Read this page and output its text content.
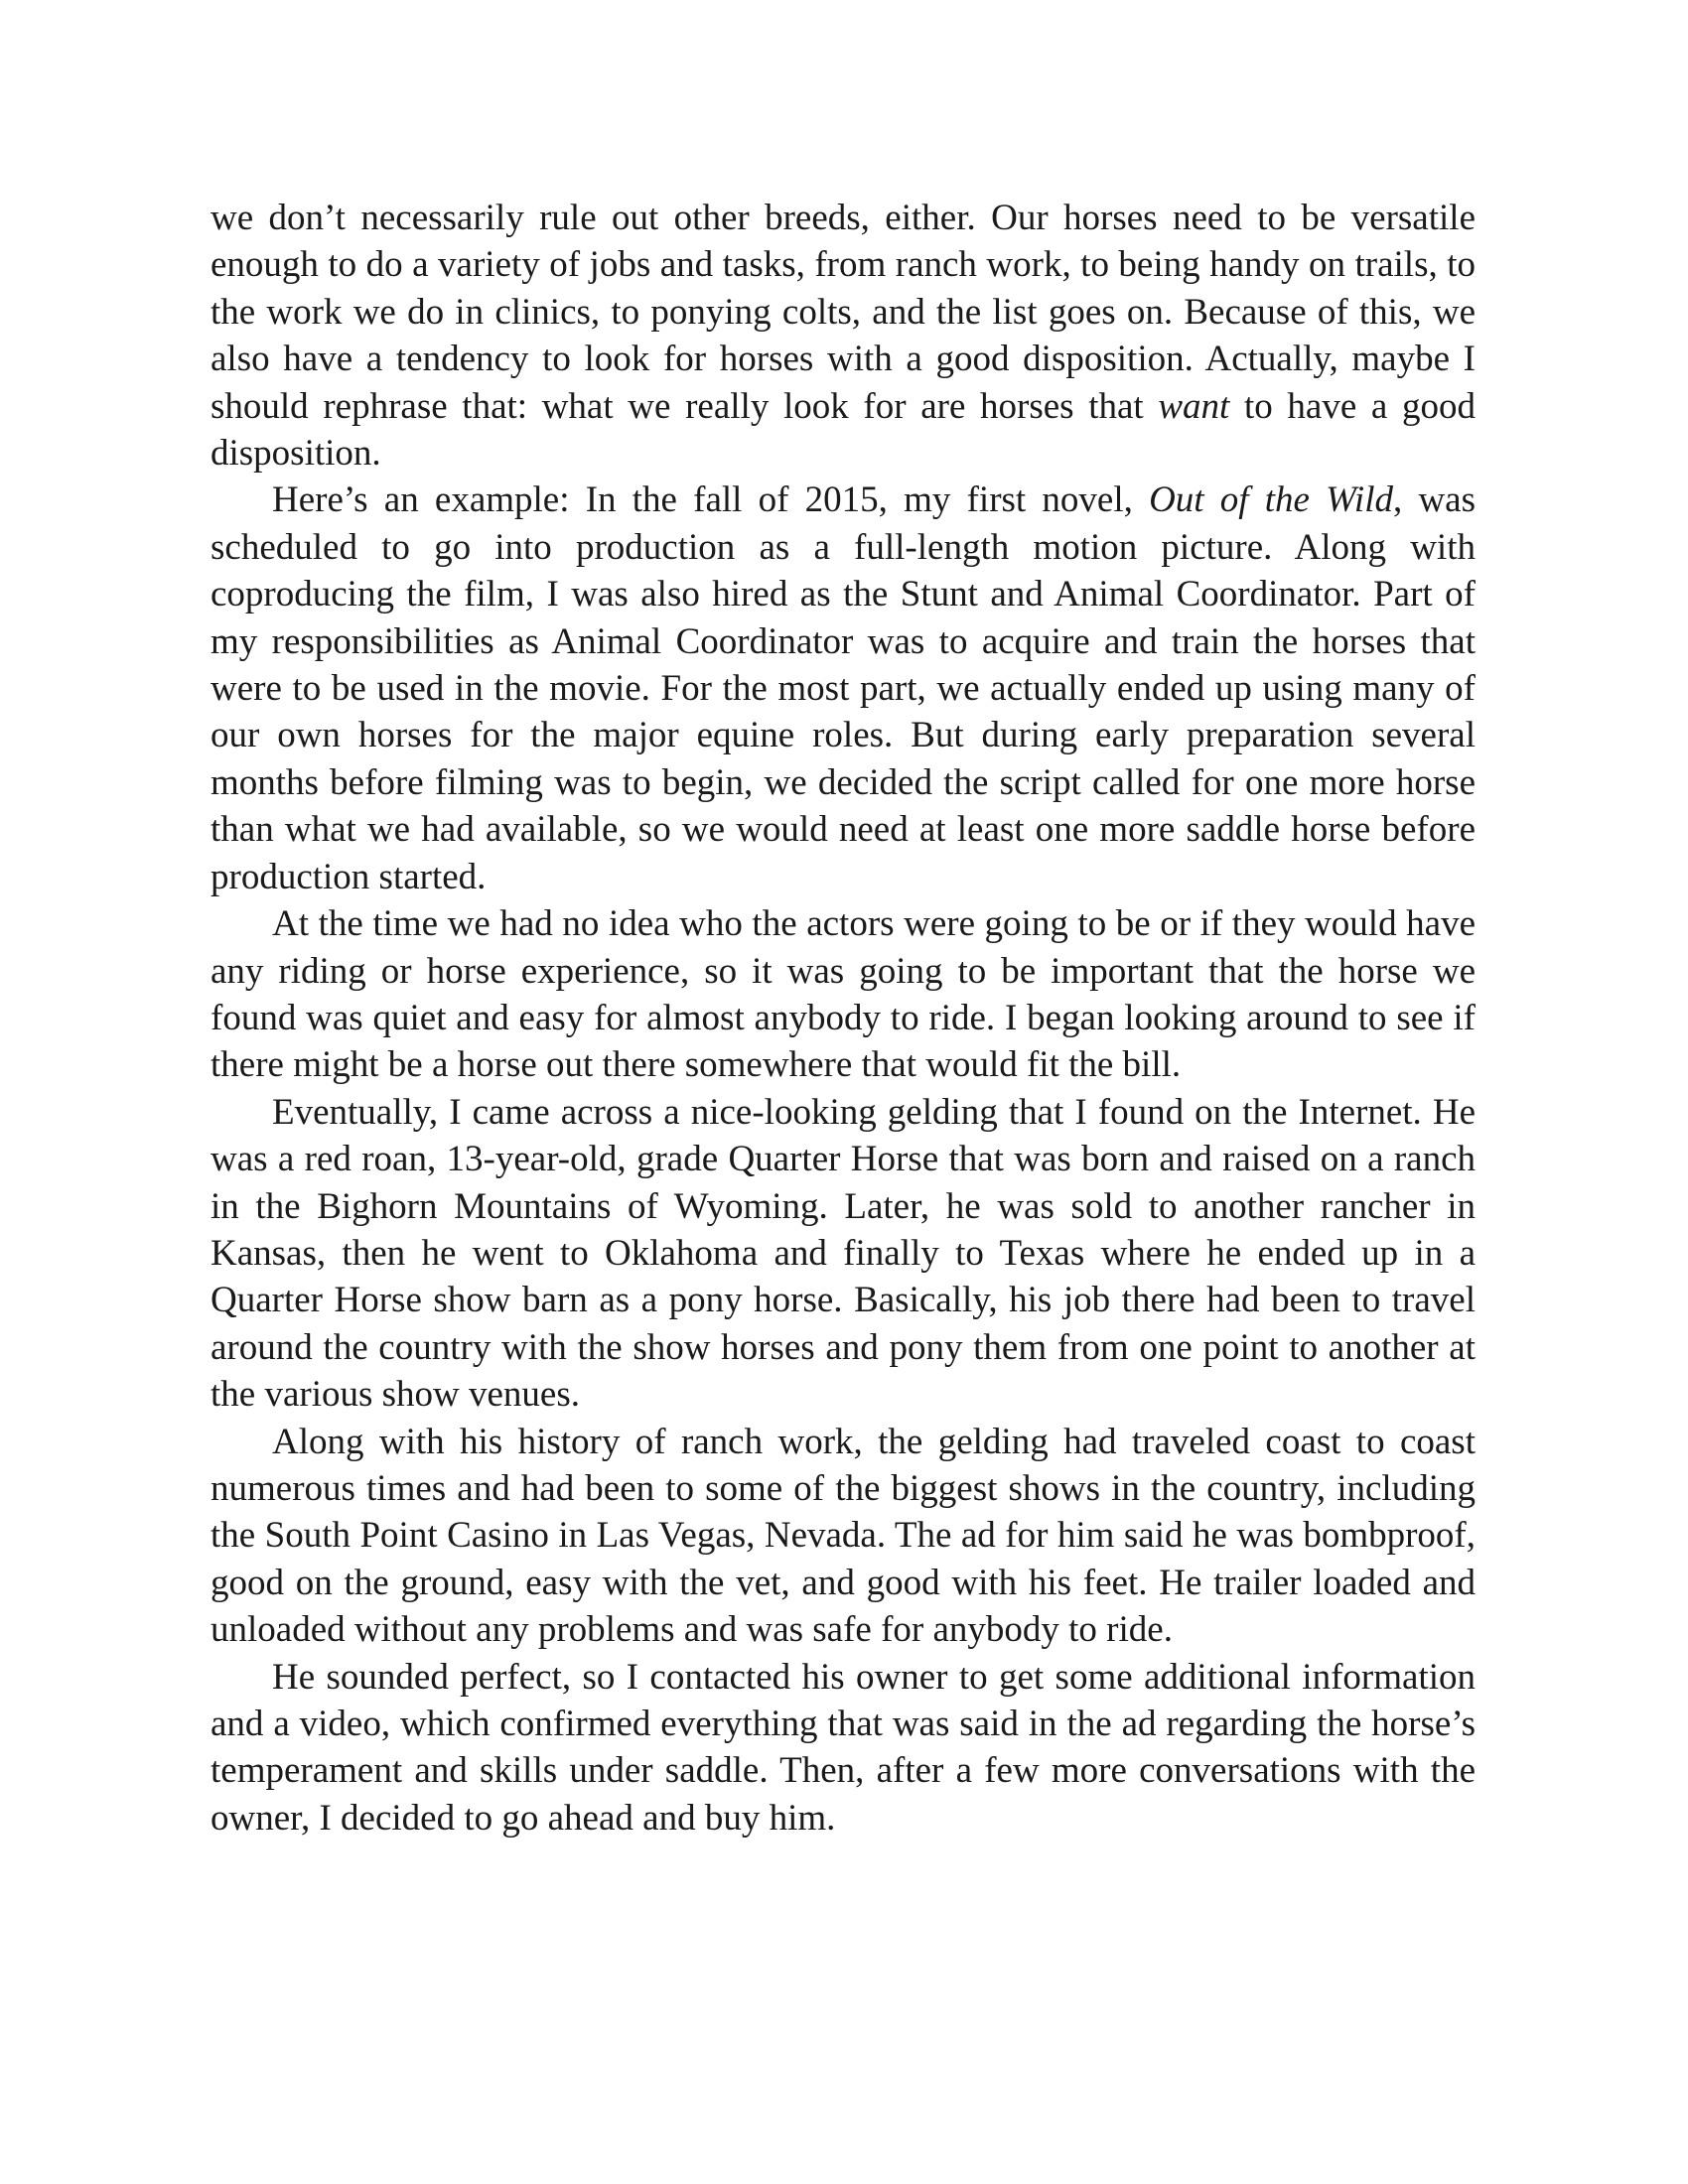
we don’t necessarily rule out other breeds, either. Our horses need to be versatile enough to do a variety of jobs and tasks, from ranch work, to being handy on trails, to the work we do in clinics, to ponying colts, and the list goes on. Because of this, we also have a tendency to look for horses with a good disposition. Actually, maybe I should rephrase that: what we really look for are horses that want to have a good disposition.

Here’s an example: In the fall of 2015, my first novel, Out of the Wild, was scheduled to go into production as a full-length motion picture. Along with coproducing the film, I was also hired as the Stunt and Animal Coordinator. Part of my responsibilities as Animal Coordinator was to acquire and train the horses that were to be used in the movie. For the most part, we actually ended up using many of our own horses for the major equine roles. But during early preparation several months before filming was to begin, we decided the script called for one more horse than what we had available, so we would need at least one more saddle horse before production started.

At the time we had no idea who the actors were going to be or if they would have any riding or horse experience, so it was going to be important that the horse we found was quiet and easy for almost anybody to ride. I began looking around to see if there might be a horse out there somewhere that would fit the bill.

Eventually, I came across a nice-looking gelding that I found on the Internet. He was a red roan, 13-year-old, grade Quarter Horse that was born and raised on a ranch in the Bighorn Mountains of Wyoming. Later, he was sold to another rancher in Kansas, then he went to Oklahoma and finally to Texas where he ended up in a Quarter Horse show barn as a pony horse. Basically, his job there had been to travel around the country with the show horses and pony them from one point to another at the various show venues.

Along with his history of ranch work, the gelding had traveled coast to coast numerous times and had been to some of the biggest shows in the country, including the South Point Casino in Las Vegas, Nevada. The ad for him said he was bombproof, good on the ground, easy with the vet, and good with his feet. He trailer loaded and unloaded without any problems and was safe for anybody to ride.

He sounded perfect, so I contacted his owner to get some additional information and a video, which confirmed everything that was said in the ad regarding the horse’s temperament and skills under saddle. Then, after a few more conversations with the owner, I decided to go ahead and buy him.
